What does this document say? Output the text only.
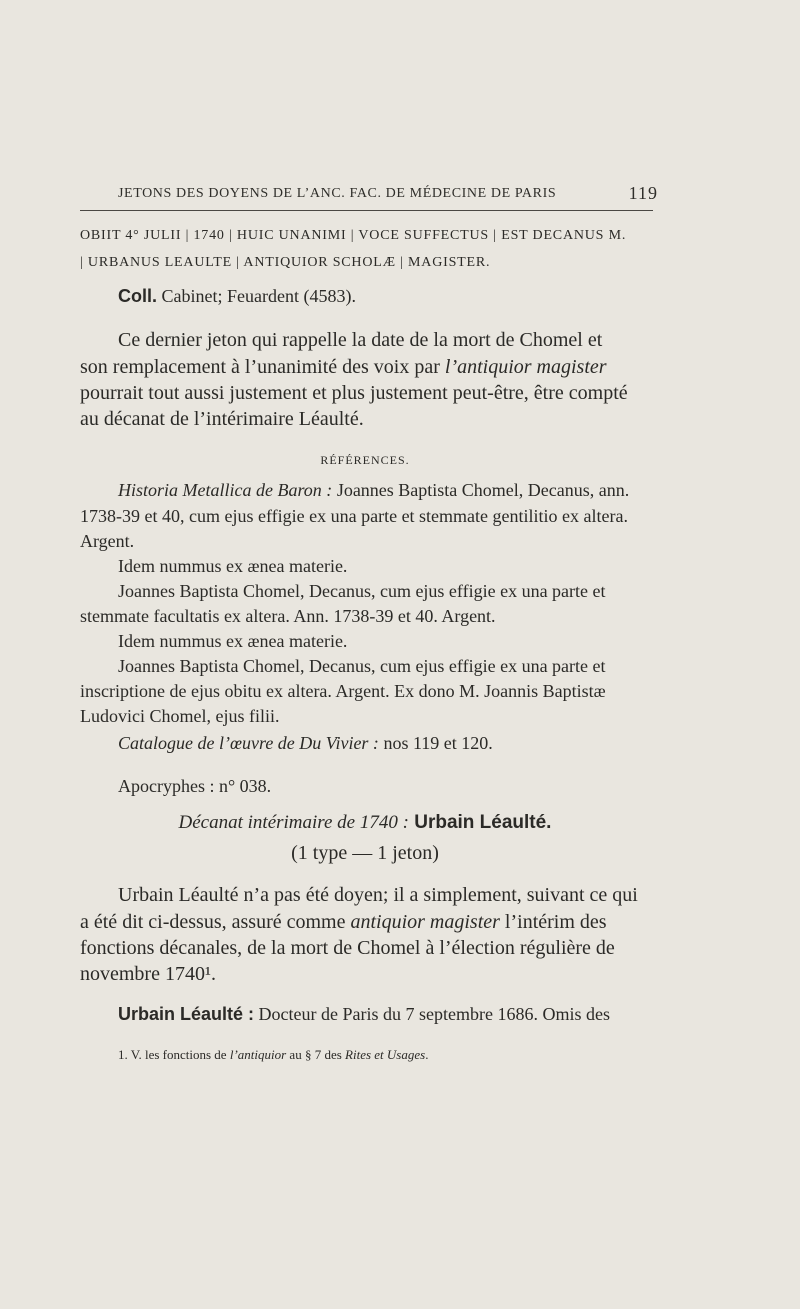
JETONS DES DOYENS DE L’ANC. FAC. DE MÉDECINE DE PARIS	119
OBIIT 4° JULII | 1740 | HUIC UNANIMI | VOCE SUFFECTUS | EST DECANUS M.
| URBANUS LEAULTE | ANTIQUIOR SCHOLÆ | MAGISTER.
Coll. Cabinet; Feuardent (4583).
Ce dernier jeton qui rappelle la date de la mort de Chomel et
son remplacement à l’unanimité des voix par l’antiquior magister
pourrait tout aussi justement et plus justement peut-être, être compté
au décanat de l’intérimaire Léaulté.
RÉFÉRENCES.
Historia Metallica de Baron : Joannes Baptista Chomel, Decanus, ann.
1738-39 et 40, cum ejus effigie ex una parte et stemmate gentilitio ex altera.
Argent.
Idem nummus ex ænea materie.
Joannes Baptista Chomel, Decanus, cum ejus effigie ex una parte et
stemmate facultatis ex altera. Ann. 1738-39 et 40. Argent.
Idem nummus ex ænea materie.
Joannes Baptista Chomel, Decanus, cum ejus effigie ex una parte et
inscriptione de ejus obitu ex altera. Argent. Ex dono M. Joannis Baptistæ
Ludovici Chomel, ejus filii.
Catalogue de l’œuvre de Du Vivier : nos 119 et 120.
Apocryphes : n° 038.
Décanat intérimaire de 1740 : Urbain Léaulté.
(1 type — 1 jeton)
Urbain Léaulté n’a pas été doyen; il a simplement, suivant ce qui
a été dit ci-dessus, assuré comme antiquior magister l’intérim des
fonctions décanales, de la mort de Chomel à l’élection régulière de
novembre 1740¹.
Urbain Léaulté : Docteur de Paris du 7 septembre 1686. Omis des
1. V. les fonctions de l’antiquior au § 7 des Rites et Usages.
